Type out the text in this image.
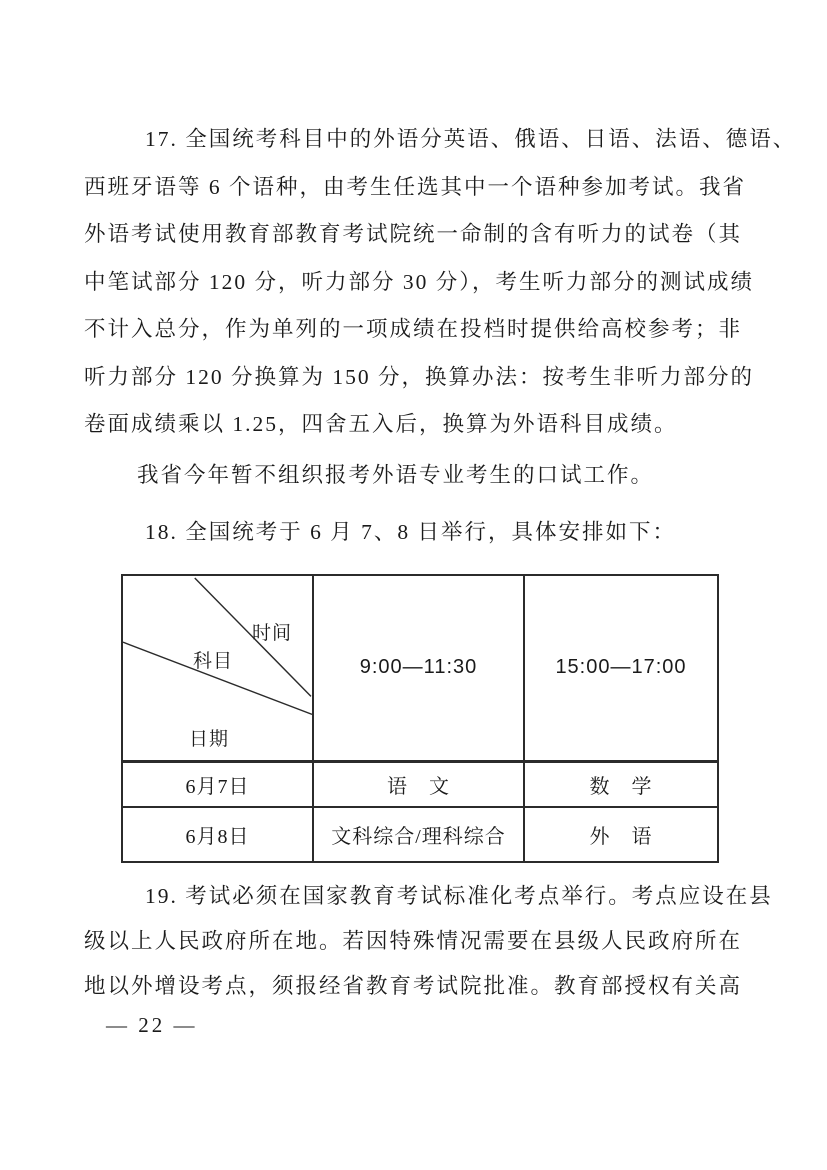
17. 全国统考科目中的外语分英语、俄语、日语、法语、德语、
西班牙语等 6 个语种，由考生任选其中一个语种参加考试。我省
外语考试使用教育部教育考试院统一命制的含有听力的试卷（其
中笔试部分 120 分，听力部分 30 分），考生听力部分的测试成绩
不计入总分，作为单列的一项成绩在投档时提供给高校参考；非
听力部分 120 分换算为 150 分，换算办法：按考生非听力部分的
卷面成绩乘以 1.25，四舍五入后，换算为外语科目成绩。
我省今年暂不组织报考外语专业考生的口试工作。
18. 全国统考于 6 月 7、8 日举行，具体安排如下：
时间
科目
日期	9:00—11:30	15:00—17:00
6月7日	语　文	数　学
6月8日	文科综合/理科综合	外　语
19. 考试必须在国家教育考试标准化考点举行。考点应设在县
级以上人民政府所在地。若因特殊情况需要在县级人民政府所在
地以外增设考点，须报经省教育考试院批准。教育部授权有关高
— 22 —
